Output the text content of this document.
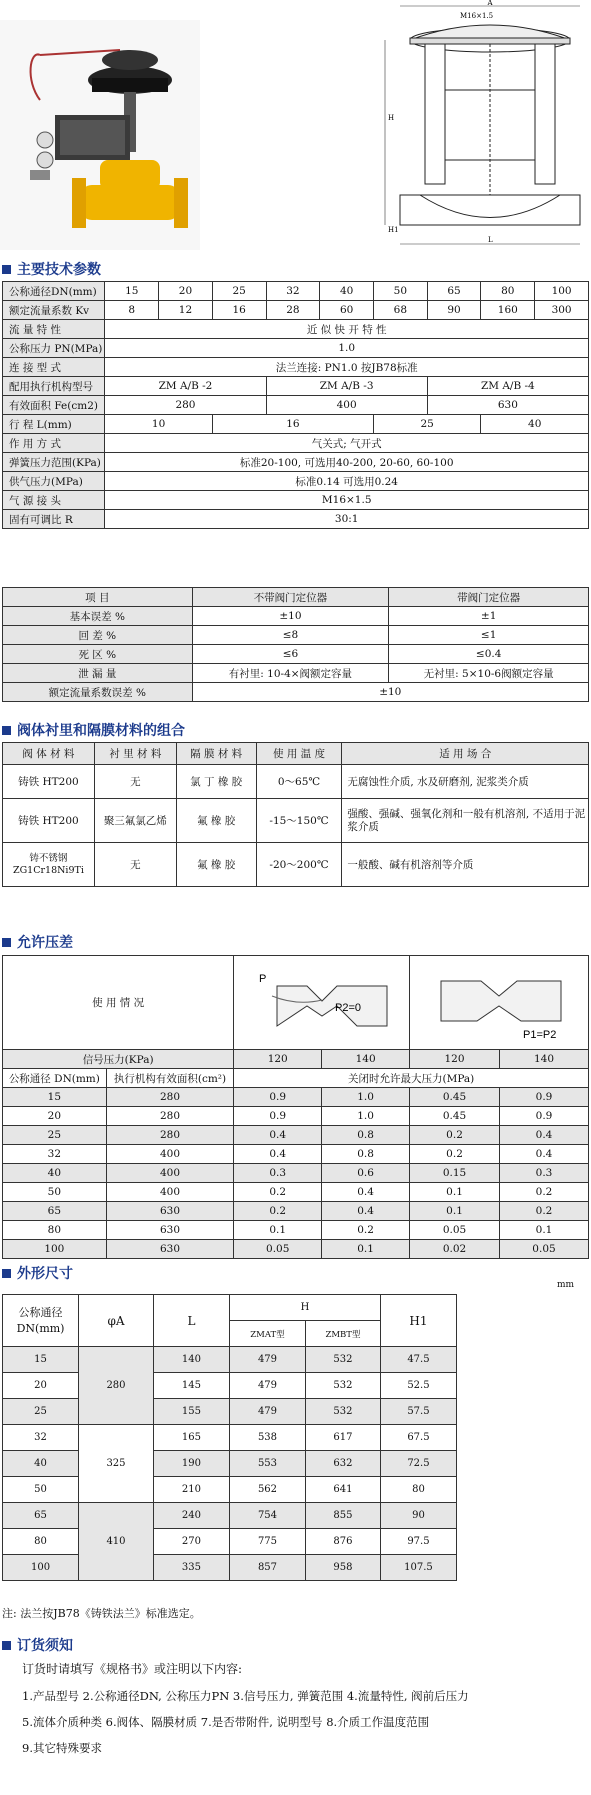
A
M16×1.5
H
H1
L
主要技术参数
公称通径DN(mm)	15	20	25	32	40	50	65	80	100
额定流量系数 Kv	8	12	16	28	60	68	90	160	300
流 量 特 性	近 似 快 开 特 性								
公称压力 PN(MPa)	1.0								
连 接 型 式	法兰连接: PN1.0 按JB78标准								
配用执行机构型号	ZM A/B -2			ZM A/B -3			ZM A/B -4		
有效面积 Fe(cm2)	280			400			630		
行 程 L(mm)	10		16			25		40	
作 用 方 式	气关式; 气开式								
弹簧压力范围(KPa)	标准20-100, 可选用40-200, 20-60, 60-100								
供气压力(MPa)	标准0.14 可选用0.24								
气 源 接 头	M16×1.5								
固有可调比 R	30:1								
项 目	不带阀门定位器	带阀门定位器
基本误差 %	±10	±1
回 差 %	≤8	≤1
死 区 %	≤6	≤0.4
泄 漏 量	有衬里: 10-4×阀额定容量	无衬里: 5×10-6阀额定容量
额定流量系数误差 %	±10	
阀体衬里和隔膜材料的组合
阀 体 材 料	衬 里 材 料	隔 膜 材 料	使 用 温 度	适 用 场 合
铸铁 HT200	无	氯 丁 橡 胶	0～65℃	无腐蚀性介质, 水及研磨剂, 泥浆类介质
铸铁 HT200	聚三氟氯乙烯	氟 橡 胶	-15～150℃	强酸、强碱、强氧化剂和一般有机溶剂, 不适用于泥浆介质
铸不锈钢 ZG1Cr18Ni9Ti	无	氟 橡 胶	-20～200℃	一般酸、碱有机溶剂等介质
允许压差
使 用 情 况		P
P2=0		P1=P2	

信号压力(KPa)		120	140	120	140
公称通径 DN(mm)	执行机构有效面积(cm²)	关闭时允许最大压力(MPa)			
15	280	0.9	1.0	0.45	0.9
20	280	0.9	1.0	0.45	0.9
25	280	0.4	0.8	0.2	0.4
32	400	0.4	0.8	0.2	0.4
40	400	0.3	0.6	0.15	0.3
50	400	0.2	0.4	0.1	0.2
65	630	0.2	0.4	0.1	0.2
80	630	0.1	0.2	0.05	0.1
100	630	0.05	0.1	0.02	0.05
外形尺寸
mm
公称通径
DN(mm)	φA	L	H		H1
			ZMAT型	ZMBT型	
15	280	140	479	532	47.5
20		145	479	532	52.5
25		155	479	532	57.5
32	325	165	538	617	67.5
40		190	553	632	72.5
50		210	562	641	80
65	410	240	754	855	90
80		270	775	876	97.5
100		335	857	958	107.5
注: 法兰按JB78《铸铁法兰》标准选定。
订货须知
订货时请填写《规格书》或注明以下内容:
1.产品型号 2.公称通径DN, 公称压力PN 3.信号压力, 弹簧范围 4.流量特性, 阀前后压力
5.流体介质种类 6.阀体、隔膜材质 7.是否带附件, 说明型号 8.介质工作温度范围
9.其它特殊要求
